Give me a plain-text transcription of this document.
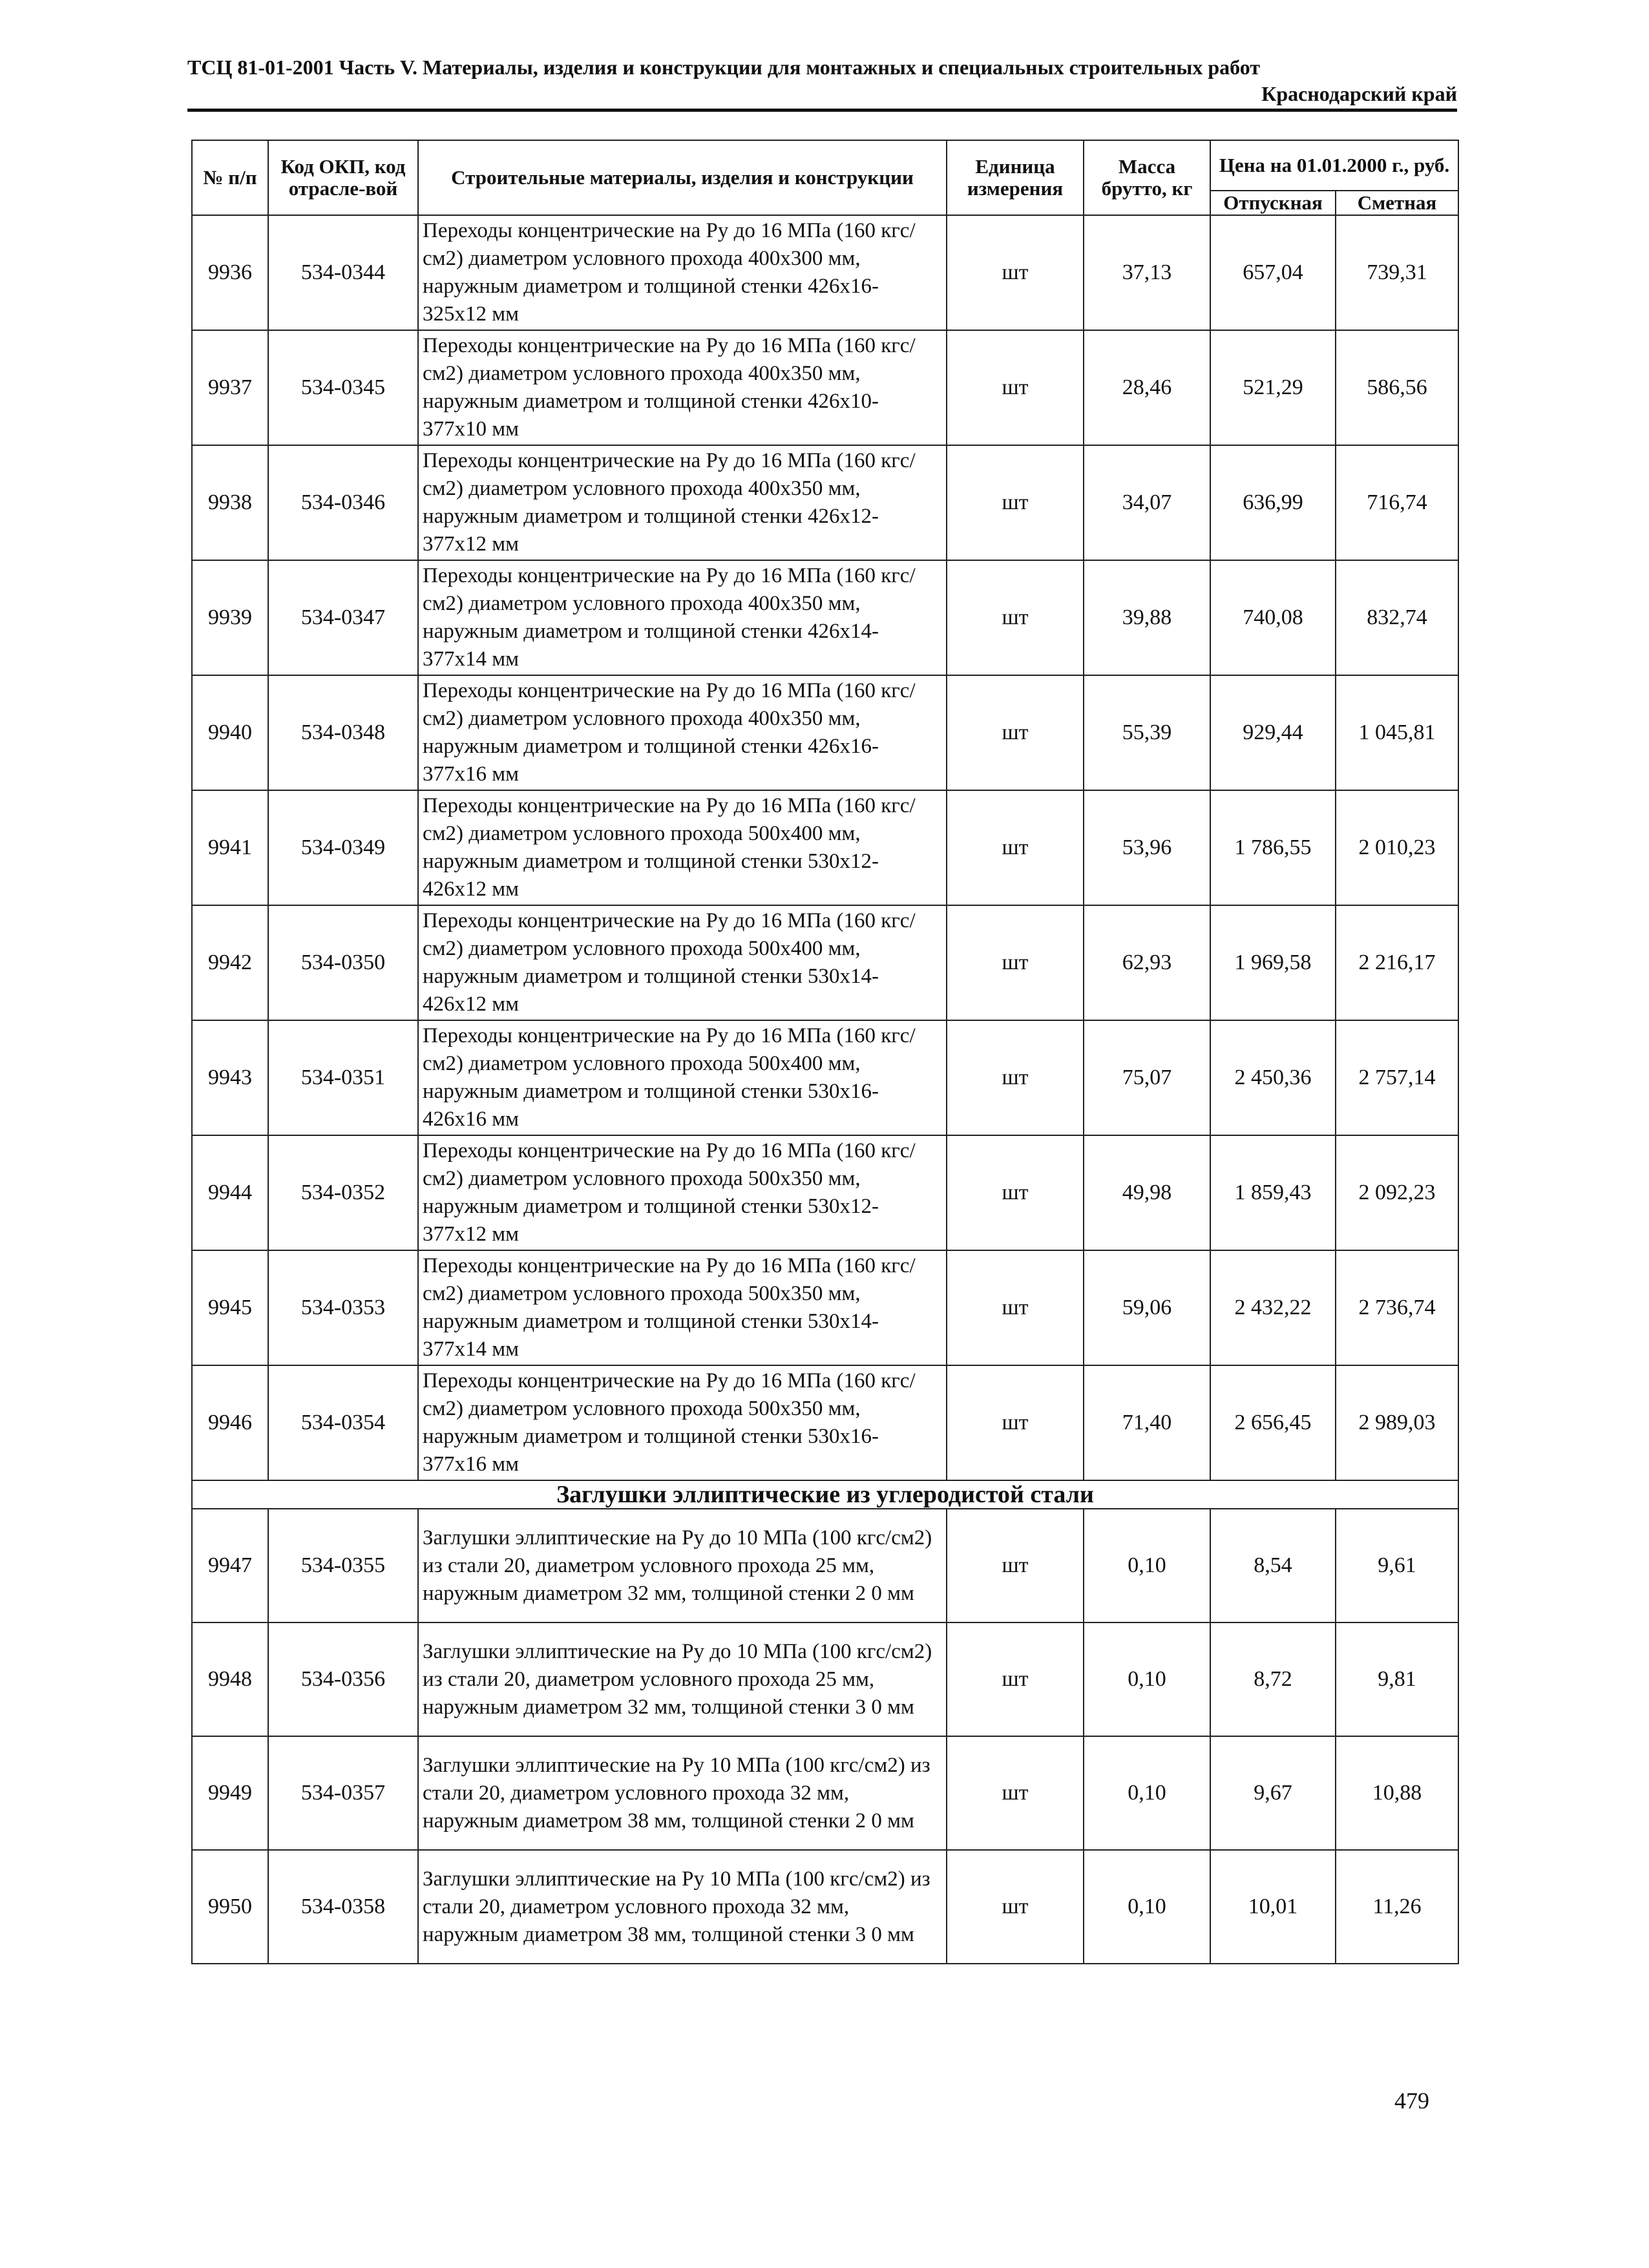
ТСЦ 81-01-2001 Часть V. Материалы, изделия и конструкции для монтажных и специальных строительных работ
Краснодарский край
№ п/п	Код ОКП, код отрасле-вой	Строительные материалы, изделия и конструкции	Единица измерения	Масса брутто, кг	Цена на 01.01.2000 г., руб.	
					Отпускная	Сметная
9936	534-0344	Переходы концентрические на Ру до 16 МПа (160 кгс/см2) диаметром условного прохода 400х300 мм, наружным диаметром и толщиной стенки 426х16-325х12 мм	шт	37,13	657,04	739,31
9937	534-0345	Переходы концентрические на Ру до 16 МПа (160 кгс/см2) диаметром условного прохода 400х350 мм, наружным диаметром и толщиной стенки 426х10-377х10 мм	шт	28,46	521,29	586,56
9938	534-0346	Переходы концентрические на Ру до 16 МПа (160 кгс/см2) диаметром условного прохода 400х350 мм, наружным диаметром и толщиной стенки 426х12-377х12 мм	шт	34,07	636,99	716,74
9939	534-0347	Переходы концентрические на Ру до 16 МПа (160 кгс/см2) диаметром условного прохода 400х350 мм, наружным диаметром и толщиной стенки 426х14-377х14 мм	шт	39,88	740,08	832,74
9940	534-0348	Переходы концентрические на Ру до 16 МПа (160 кгс/см2) диаметром условного прохода 400х350 мм, наружным диаметром и толщиной стенки 426х16-377х16 мм	шт	55,39	929,44	1 045,81
9941	534-0349	Переходы концентрические на Ру до 16 МПа (160 кгс/см2) диаметром условного прохода 500х400 мм, наружным диаметром и толщиной стенки 530х12-426х12 мм	шт	53,96	1 786,55	2 010,23
9942	534-0350	Переходы концентрические на Ру до 16 МПа (160 кгс/см2) диаметром условного прохода 500х400 мм, наружным диаметром и толщиной стенки 530х14-426х12 мм	шт	62,93	1 969,58	2 216,17
9943	534-0351	Переходы концентрические на Ру до 16 МПа (160 кгс/см2) диаметром условного прохода 500х400 мм, наружным диаметром и толщиной стенки 530х16-426х16 мм	шт	75,07	2 450,36	2 757,14
9944	534-0352	Переходы концентрические на Ру до 16 МПа (160 кгс/см2) диаметром условного прохода 500х350 мм, наружным диаметром и толщиной стенки 530х12-377х12 мм	шт	49,98	1 859,43	2 092,23
9945	534-0353	Переходы концентрические на Ру до 16 МПа (160 кгс/см2) диаметром условного прохода 500х350 мм, наружным диаметром и толщиной стенки 530х14-377х14 мм	шт	59,06	2 432,22	2 736,74
9946	534-0354	Переходы концентрические на Ру до 16 МПа (160 кгс/см2) диаметром условного прохода 500х350 мм, наружным диаметром и толщиной стенки 530х16-377х16 мм	шт	71,40	2 656,45	2 989,03
Заглушки эллиптические из углеродистой стали						
9947	534-0355	Заглушки эллиптические на Ру до 10 МПа (100 кгс/см2) из стали 20, диаметром условного прохода 25 мм, наружным диаметром 32 мм, толщиной стенки 2 0 мм	шт	0,10	8,54	9,61
9948	534-0356	Заглушки эллиптические на Ру до 10 МПа (100 кгс/см2) из стали 20, диаметром условного прохода 25 мм, наружным диаметром 32 мм, толщиной стенки 3 0 мм	шт	0,10	8,72	9,81
9949	534-0357	Заглушки эллиптические на Ру 10 МПа (100 кгс/см2) из стали 20, диаметром условного прохода 32 мм, наружным диаметром 38 мм, толщиной стенки 2 0 мм	шт	0,10	9,67	10,88
9950	534-0358	Заглушки эллиптические на Ру 10 МПа (100 кгс/см2) из стали 20, диаметром условного прохода 32 мм, наружным диаметром 38 мм, толщиной стенки 3 0 мм	шт	0,10	10,01	11,26
479
